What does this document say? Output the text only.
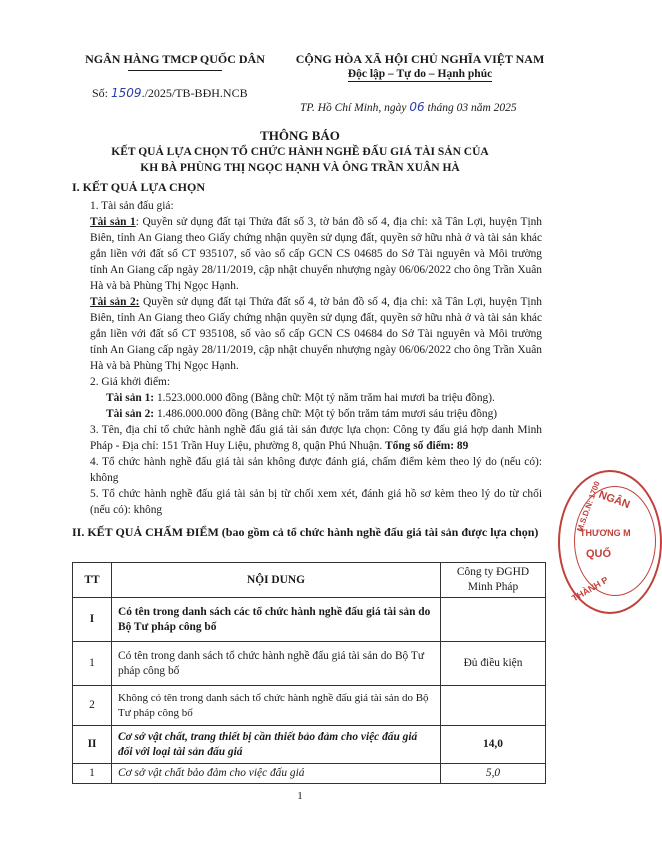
NGÂN HÀNG TMCP QUỐC DÂN	CỘNG HÒA XÃ HỘI CHỦ NGHĨA VIỆT NAM
Độc lập – Tự do – Hạnh phúc
Số: 1509./2025/TB-BĐH.NCB
TP. Hồ Chí Minh, ngày 06 tháng 03 năm 2025
THÔNG BÁO
KẾT QUẢ LỰA CHỌN TỔ CHỨC HÀNH NGHỀ ĐẤU GIÁ TÀI SẢN CỦA
KH BÀ PHÙNG THỊ NGỌC HẠNH VÀ ÔNG TRẦN XUÂN HÀ
I. KẾT QUẢ LỰA CHỌN
1. Tài sản đấu giá:
Tài sản 1: Quyền sử dụng đất tại Thửa đất số 3, tờ bản đồ số 4, địa chỉ: xã Tân Lợi, huyện Tịnh Biên, tỉnh An Giang theo Giấy chứng nhận quyền sử dụng đất, quyền sở hữu nhà ở và tài sản khác gắn liền với đất số CT 935107, số vào sổ cấp GCN CS 04685 do Sở Tài nguyên và Môi trường tỉnh An Giang cấp ngày 28/11/2019, cập nhật chuyển nhượng ngày 06/06/2022 cho ông Trần Xuân Hà và bà Phùng Thị Ngọc Hạnh.
Tài sản 2: Quyền sử dụng đất tại Thửa đất số 4, tờ bản đồ số 4, địa chỉ: xã Tân Lợi, huyện Tịnh Biên, tỉnh An Giang theo Giấy chứng nhận quyền sử dụng đất, quyền sở hữu nhà ở và tài sản khác gắn liền với đất số CT 935108, số vào sổ cấp GCN CS 04684 do Sở Tài nguyên và Môi trường tỉnh An Giang cấp ngày 28/11/2019, cập nhật chuyển nhượng ngày 06/06/2022 cho ông Trần Xuân Hà và bà Phùng Thị Ngọc Hạnh.
2. Giá khởi điểm:
Tài sản 1: 1.523.000.000 đồng (Bằng chữ: Một tỷ năm trăm hai mươi ba triệu đồng).
Tài sản 2: 1.486.000.000 đồng (Bằng chữ: Một tỷ bốn trăm tám mươi sáu triệu đồng)
3. Tên, địa chỉ tổ chức hành nghề đấu giá tài sản được lựa chọn: Công ty đấu giá hợp danh Minh Pháp - Địa chỉ: 151 Trần Huy Liệu, phường 8, quận Phú Nhuận. Tổng số điểm: 89
4. Tổ chức hành nghề đấu giá tài sản không được đánh giá, chấm điểm kèm theo lý do (nếu có): không
5. Tổ chức hành nghề đấu giá tài sản bị từ chối xem xét, đánh giá hồ sơ kèm theo lý do từ chối (nếu có): không	NGÂN
THƯƠNG M
QUỐ
M.S.D.N: 1700
THÀNH P
II. KẾT QUẢ CHẤM ĐIỂM (bao gồm cả tổ chức hành nghề đấu giá tài sản được lựa chọn)
TT	NỘI DUNG	Công ty ĐGHD Minh Pháp
I	Có tên trong danh sách các tổ chức hành nghề đấu giá tài sản do Bộ Tư pháp công bố	
1	Có tên trong danh sách tổ chức hành nghề đấu giá tài sản do Bộ Tư pháp công bố	Đủ điều kiện
2	Không có tên trong danh sách tổ chức hành nghề đấu giá tài sản do Bộ Tư pháp công bố	
II	Cơ sở vật chất, trang thiết bị cần thiết bảo đảm cho việc đấu giá đối với loại tài sản đấu giá	14,0
1	Cơ sở vật chất bảo đảm cho việc đấu giá	5,0
1
